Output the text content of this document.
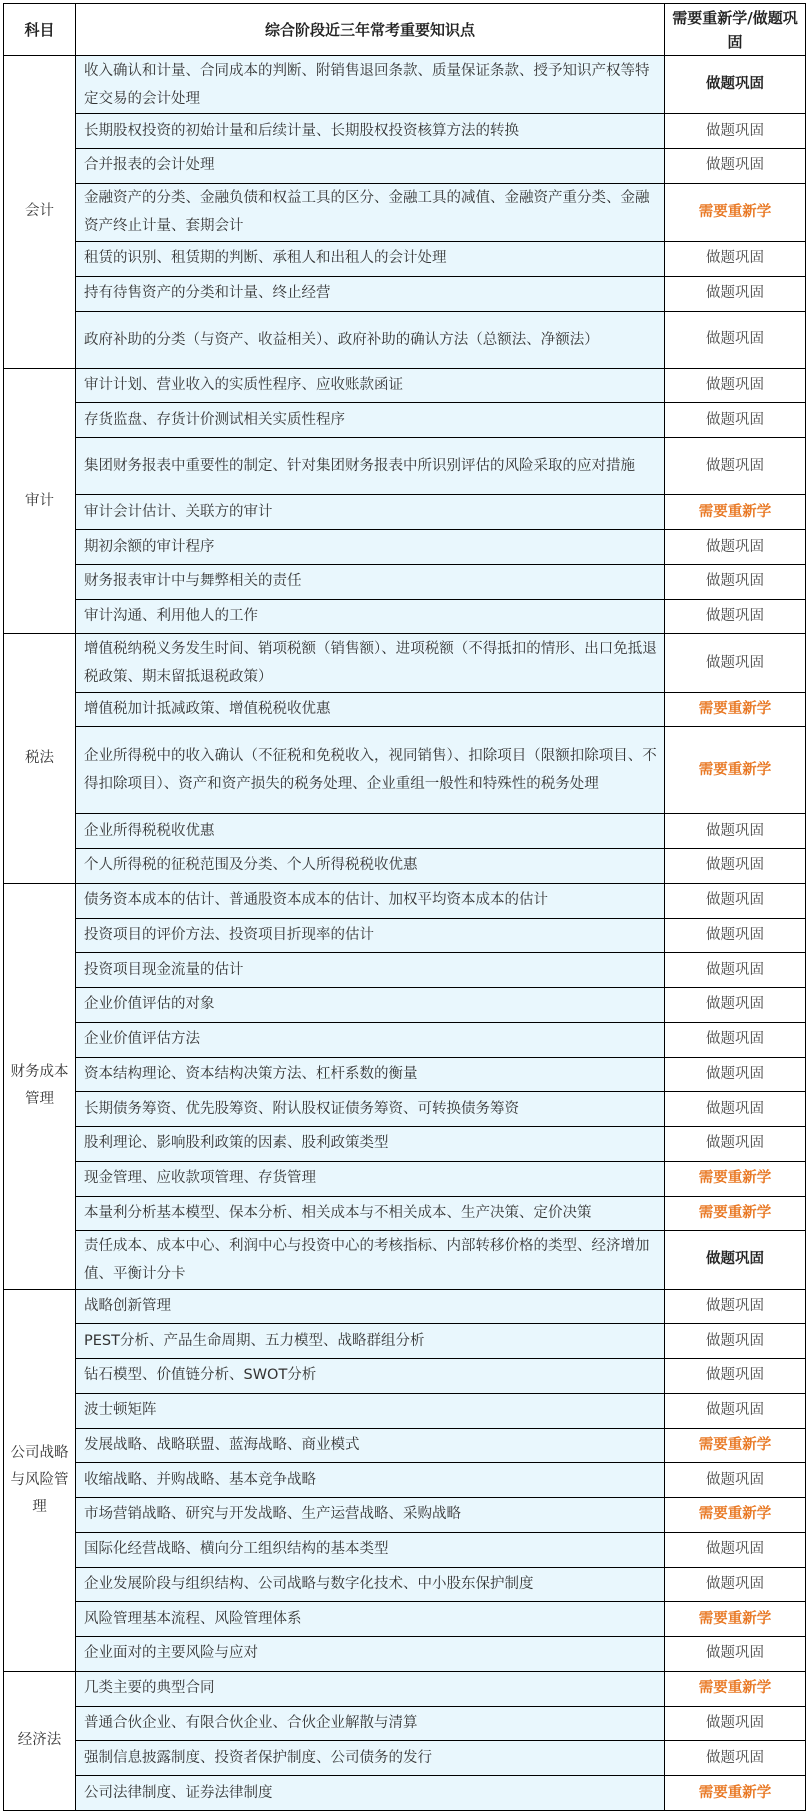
科目	综合阶段近三年常考重要知识点	需要重新学/做题巩固
会计	收入确认和计量、合同成本的判断、附销售退回条款、质量保证条款、授予知识产权等特定交易的会计处理	做题巩固
	长期股权投资的初始计量和后续计量、长期股权投资核算方法的转换	做题巩固
	合并报表的会计处理	做题巩固
	金融资产的分类、金融负债和权益工具的区分、金融工具的减值、金融资产重分类、金融资产终止计量、套期会计	需要重新学
	租赁的识别、租赁期的判断、承租人和出租人的会计处理	做题巩固
	持有待售资产的分类和计量、终止经营	做题巩固
	政府补助的分类（与资产、收益相关）、政府补助的确认方法（总额法、净额法）	做题巩固
审计	审计计划、营业收入的实质性程序、应收账款函证	做题巩固
	存货监盘、存货计价测试相关实质性程序	做题巩固
	集团财务报表中重要性的制定、针对集团财务报表中所识别评估的风险采取的应对措施	做题巩固
	审计会计估计、关联方的审计	需要重新学
	期初余额的审计程序	做题巩固
	财务报表审计中与舞弊相关的责任	做题巩固
	审计沟通、利用他人的工作	做题巩固
税法	增值税纳税义务发生时间、销项税额（销售额）、进项税额（不得抵扣的情形、出口免抵退税政策、期末留抵退税政策）	做题巩固
	增值税加计抵减政策、增值税税收优惠	需要重新学
	企业所得税中的收入确认（不征税和免税收入，视同销售）、扣除项目（限额扣除项目、不得扣除项目）、资产和资产损失的税务处理、企业重组一般性和特殊性的税务处理	需要重新学
	企业所得税税收优惠	做题巩固
	个人所得税的征税范围及分类、个人所得税税收优惠	做题巩固
财务成本管理	债务资本成本的估计、普通股资本成本的估计、加权平均资本成本的估计	做题巩固
	投资项目的评价方法、投资项目折现率的估计	做题巩固
	投资项目现金流量的估计	做题巩固
	企业价值评估的对象	做题巩固
	企业价值评估方法	做题巩固
	资本结构理论、资本结构决策方法、杠杆系数的衡量	做题巩固
	长期债务筹资、优先股筹资、附认股权证债务筹资、可转换债务筹资	做题巩固
	股利理论、影响股利政策的因素、股利政策类型	做题巩固
	现金管理、应收款项管理、存货管理	需要重新学
	本量利分析基本模型、保本分析、相关成本与不相关成本、生产决策、定价决策	需要重新学
	责任成本、成本中心、利润中心与投资中心的考核指标、内部转移价格的类型、经济增加值、平衡计分卡	做题巩固
公司战略与风险管理	战略创新管理	做题巩固
	PEST分析、产品生命周期、五力模型、战略群组分析	做题巩固
	钻石模型、价值链分析、SWOT分析	做题巩固
	波士顿矩阵	做题巩固
	发展战略、战略联盟、蓝海战略、商业模式	需要重新学
	收缩战略、并购战略、基本竞争战略	做题巩固
	市场营销战略、研究与开发战略、生产运营战略、采购战略	需要重新学
	国际化经营战略、横向分工组织结构的基本类型	做题巩固
	企业发展阶段与组织结构、公司战略与数字化技术、中小股东保护制度	做题巩固
	风险管理基本流程、风险管理体系	需要重新学
	企业面对的主要风险与应对	做题巩固
经济法	几类主要的典型合同	需要重新学
	普通合伙企业、有限合伙企业、合伙企业解散与清算	做题巩固
	强制信息披露制度、投资者保护制度、公司债务的发行	做题巩固
	公司法律制度、证券法律制度	需要重新学
